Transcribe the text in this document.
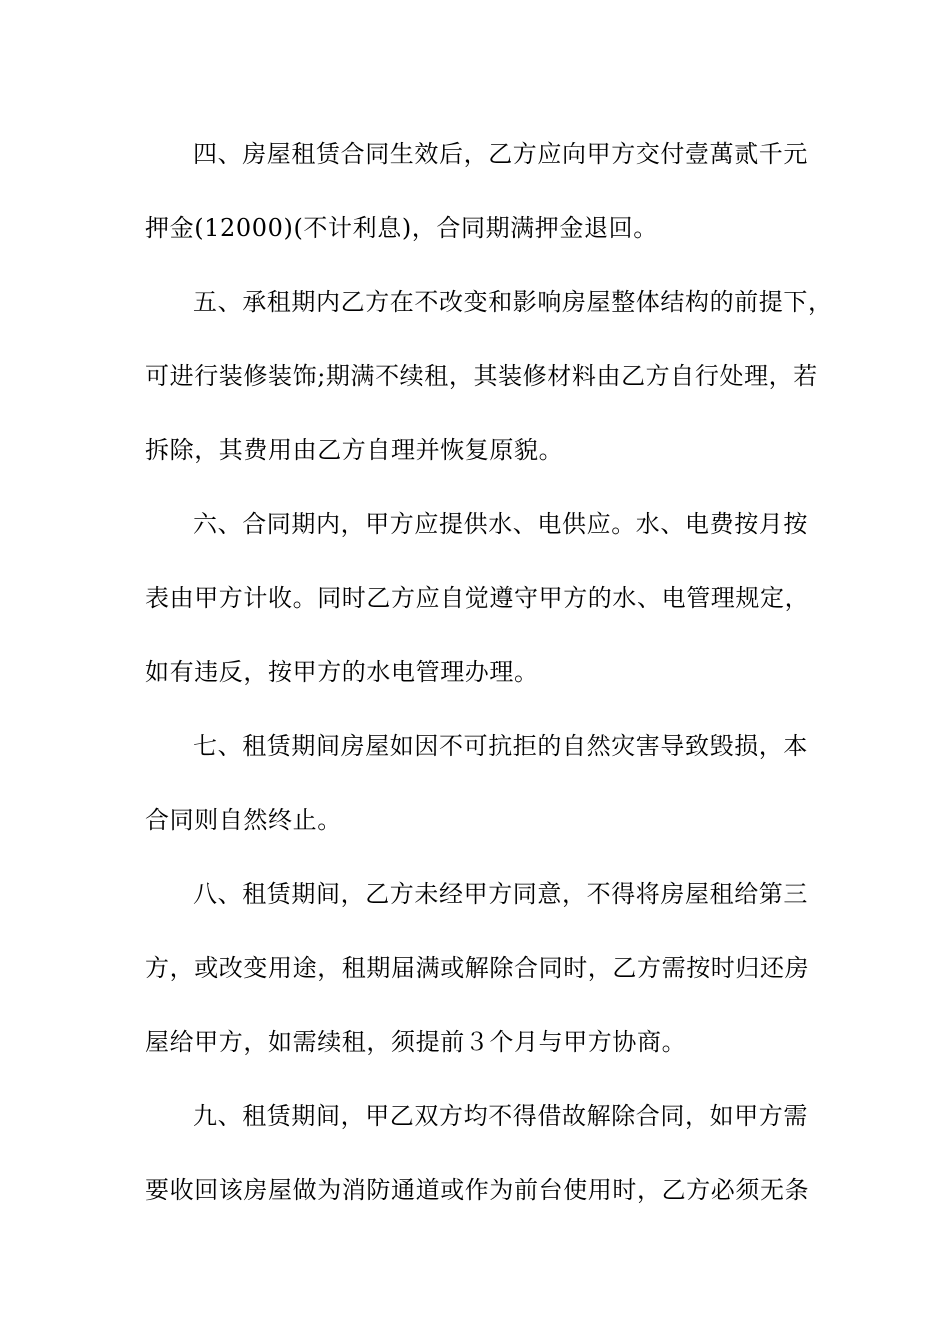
四、房屋租赁合同生效后，乙方应向甲方交付壹萬贰千元
押金(12000)(不计利息)，合同期满押金退回。
五、承租期内乙方在不改变和影响房屋整体结构的前提下，
可进行装修装饰;期满不续租，其装修材料由乙方自行处理，若
拆除，其费用由乙方自理并恢复原貌。
六、合同期内，甲方应提供水、电供应。水、电费按月按
表由甲方计收。同时乙方应自觉遵守甲方的水、电管理规定，
如有违反，按甲方的水电管理办理。
七、租赁期间房屋如因不可抗拒的自然灾害导致毁损，本
合同则自然终止。
八、租赁期间，乙方未经甲方同意，不得将房屋租给第三
方，或改变用途，租期届满或解除合同时，乙方需按时归还房
屋给甲方，如需续租，须提前３个月与甲方协商。
九、租赁期间，甲乙双方均不得借故解除合同，如甲方需
要收回该房屋做为消防通道或作为前台使用时，乙方必须无条
